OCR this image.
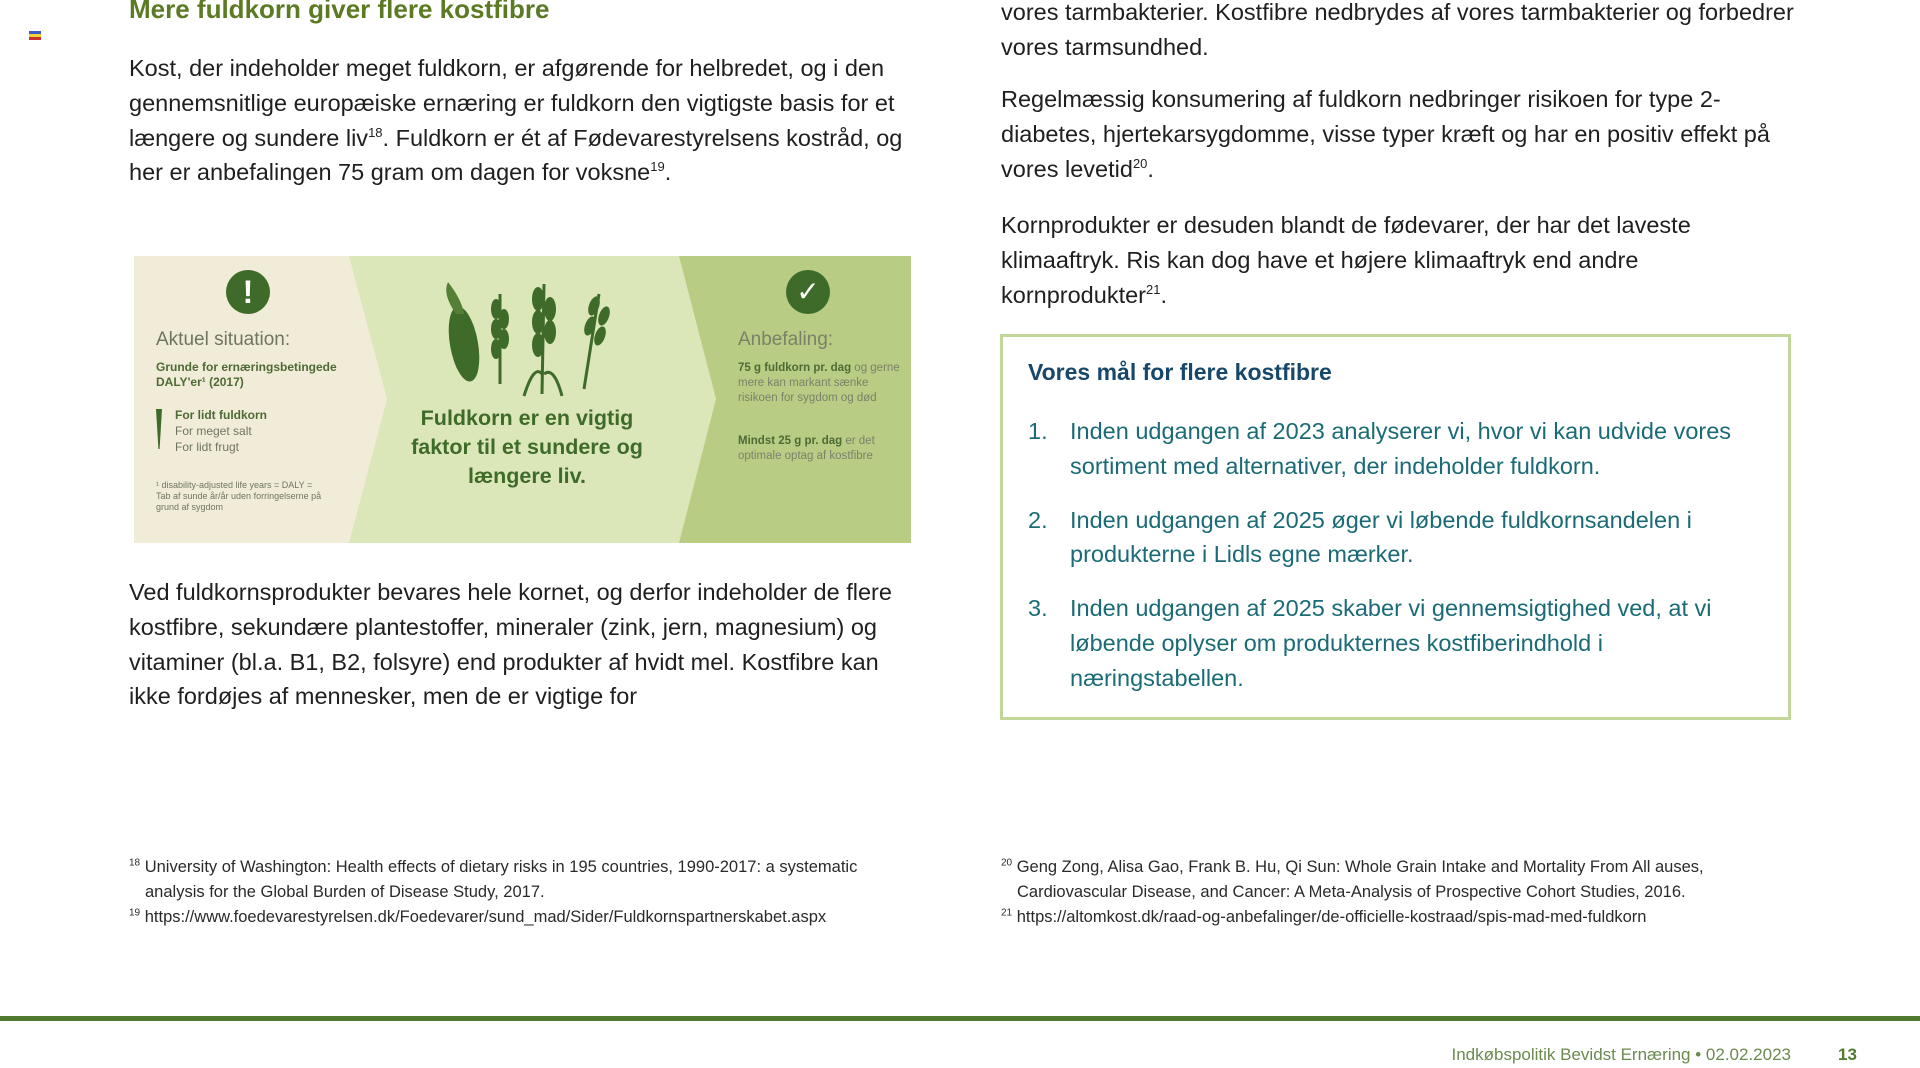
Mere fuldkorn giver flere kostfibre

Kost, der indeholder meget fuldkorn, er afgørende for helbredet, og i den gennemsnitlige europæiske ernæring er fuldkorn den vigtigste basis for et længere og sundere liv$^{18}$. Fuldkorn er ét af Fødevarestyrelsens kostråd, og her er anbefalingen 75 gram om dagen for voksne$^{19}$.

!

Aktuel situation:

Grunde for ernæringsbetingede DALY'er¹ (2017)

For lidt fuldkorn

For meget salt

For lidt frugt

¹ disability-adjusted life years = DALY = Tab af sunde år/år uden forringelserne på grund af sygdom

Fuldkorn er en vigtig faktor til et sundere og længere liv.

✓

Anbefaling:

75 g fuldkorn pr. dag og gerne mere kan markant sænke risikoen for sygdom og død

Mindst 25 g pr. dag er det optimale optag af kostfibre

Ved fuldkornsprodukter bevares hele kornet, og derfor indeholder de flere kostfibre, sekundære plantestoffer, mineraler (zink, jern, magnesium) og vitaminer (bl.a. B1, B2, folsyre) end produkter af hvidt mel. Kostfibre kan ikke fordøjes af mennesker, men de er vigtige for

vores tarmbakterier. Kostfibre nedbrydes af vores tarmbakterier og forbedrer vores tarmsundhed.

Regelmæssig konsumering af fuldkorn nedbringer risikoen for type 2-diabetes, hjertekarsygdomme, visse typer kræft og har en positiv effekt på vores levetid$^{20}$.

Kornprodukter er desuden blandt de fødevarer, der har det laveste klimaaftryk. Ris kan dog have et højere klimaaftryk end andre kornprodukter$^{21}$.

Vores mål for flere kostfibre
1. Inden udgangen af 2023 analyserer vi, hvor vi kan udvide vores sortiment med alternativer, der indeholder fuldkorn.
2. Inden udgangen af 2025 øger vi løbende fuldkornsandelen i produkterne i Lidls egne mærker.
3. Inden udgangen af 2025 skaber vi gennemsigtighed ved, at vi løbende oplyser om produkternes kostfiberindhold i næringstabellen.

$^{18}$ University of Washington: Health effects of dietary risks in 195 countries, 1990-2017: a systematic
analysis for the Global Burden of Disease Study, 2017.

$^{19}$ https://www.foedevarestyrelsen.dk/Foedevarer/sund_mad/Sider/Fuldkornspartnerskabet.aspx

$^{20}$ Geng Zong, Alisa Gao, Frank B. Hu, Qi Sun: Whole Grain Intake and Mortality From All auses,
Cardiovascular Disease, and Cancer: A Meta-Analysis of Prospective Cohort Studies, 2016.

$^{21}$ https://altomkost.dk/raad-og-anbefalinger/de-officielle-kostraad/spis-mad-med-fuldkorn

Indkøbspolitik Bevidst Ernæring • 02.02.2023	13
